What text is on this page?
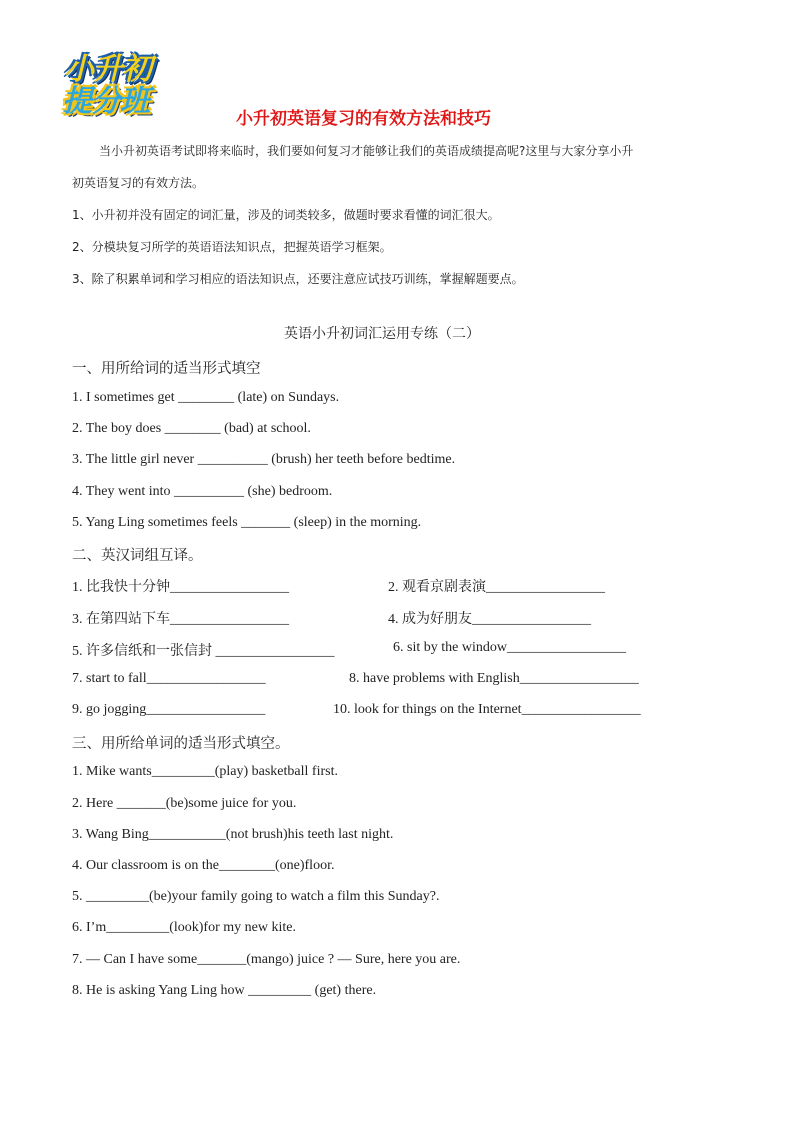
小升初
提分班	小升初英语复习的有效方法和技巧
当小升初英语考试即将来临时，我们要如何复习才能够让我们的英语成绩提高呢?这里与大家分享小升
初英语复习的有效方法。
1、小升初并没有固定的词汇量，涉及的词类较多，做题时要求看懂的词汇很大。
2、分模块复习所学的英语语法知识点，把握英语学习框架。
3、除了积累单词和学习相应的语法知识点，还要注意应试技巧训练，掌握解题要点。
英语小升初词汇运用专练（二）
一、用所给词的适当形式填空
1. I sometimes get ________ (late) on Sundays.
2. The boy does ________ (bad) at school.
3. The little girl never __________ (brush) her teeth before bedtime.
4. They went into __________ (she) bedroom.
5. Yang Ling sometimes feels _______ (sleep) in the morning.
二、英汉词组互译。
1. 比我快十分钟_________________	2. 观看京剧表演_________________
3. 在第四站下车_________________	4. 成为好朋友_________________
5. 许多信纸和一张信封 _________________	6. sit by the window_________________
7. start to fall_________________	8. have problems with English_________________
9. go jogging_________________	10. look for things on the Internet_________________
三、用所给单词的适当形式填空。
1. Mike wants_________(play) basketball first.
2. Here _______(be)some juice for you.
3. Wang Bing___________(not brush)his teeth last night.
4. Our classroom is on the________(one)floor.
5. _________(be)your family going to watch a film this Sunday?.
6. I’m_________(look)for my new kite.
7. — Can I have some_______(mango) juice ? — Sure, here you are.
8. He is asking Yang Ling how _________ (get) there.
